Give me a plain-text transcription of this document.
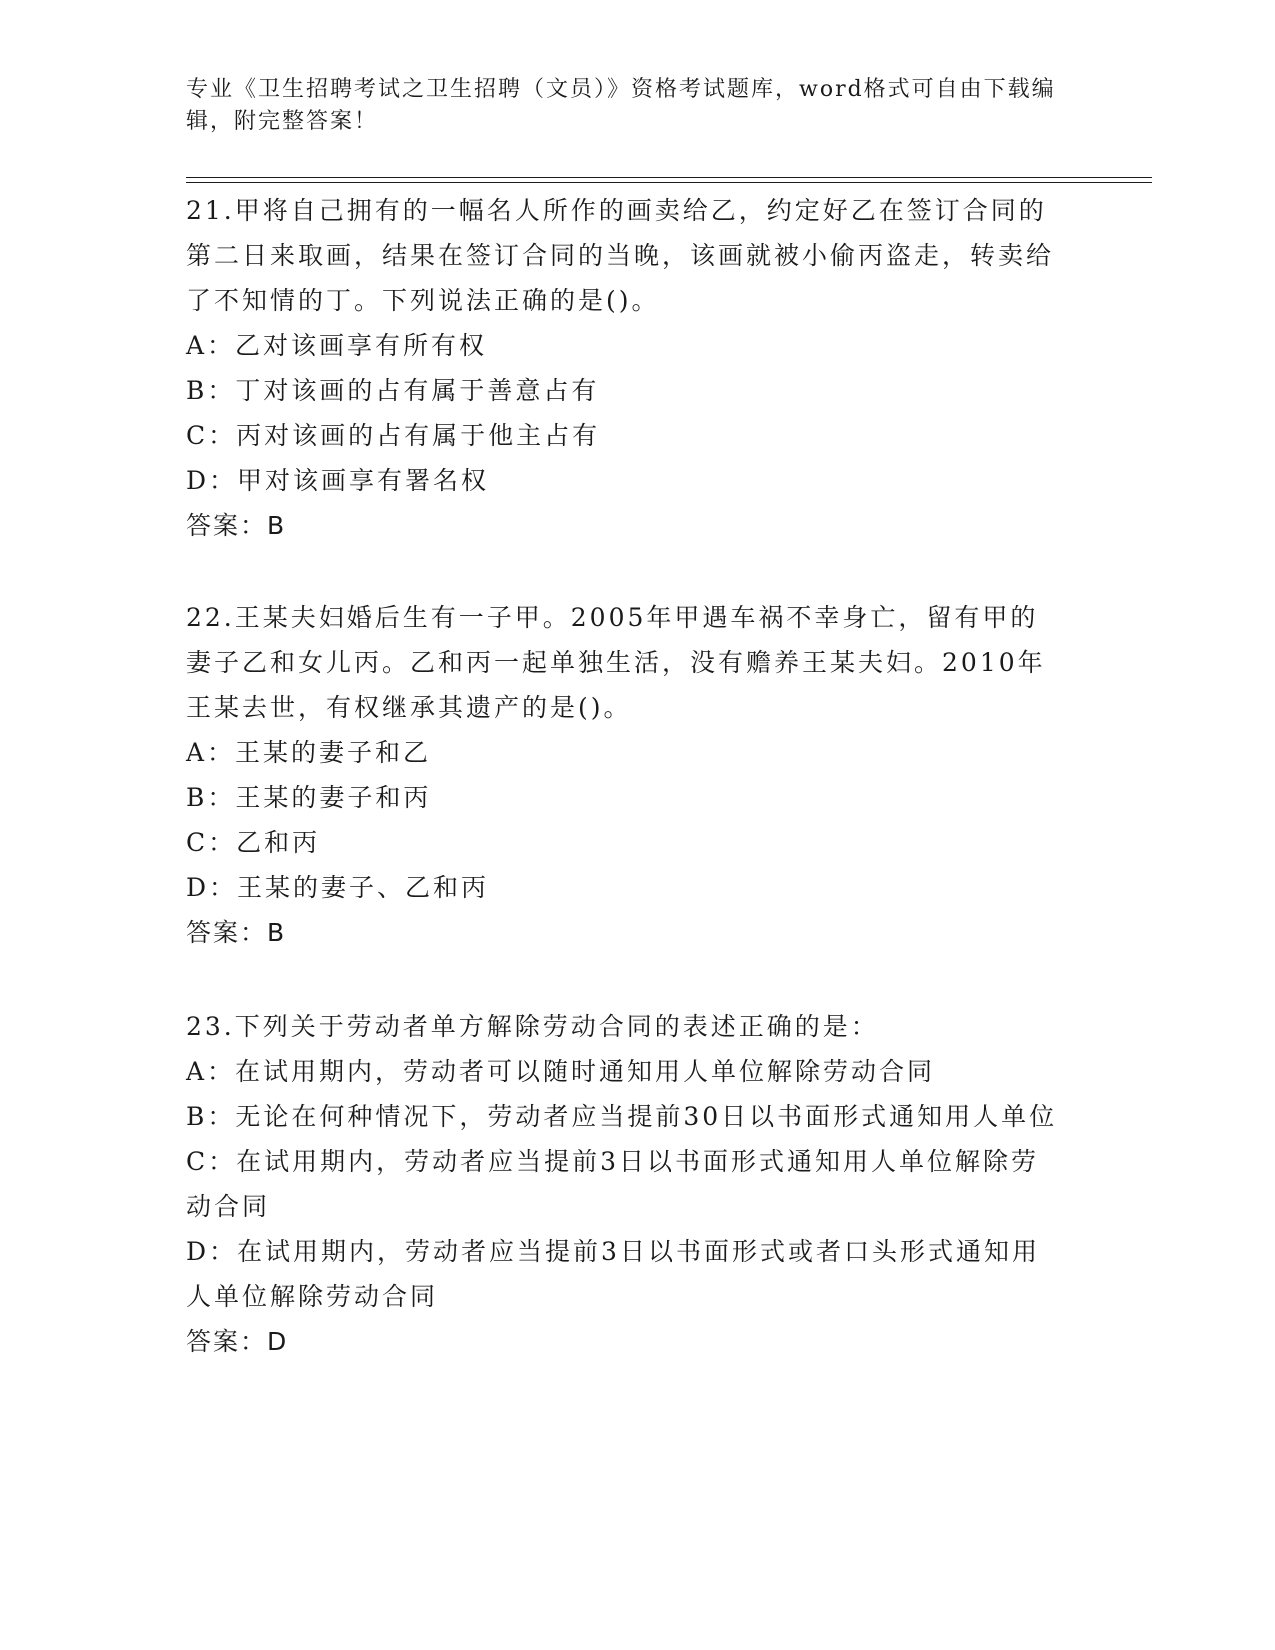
专业《卫生招聘考试之卫生招聘（文员）》资格考试题库，word格式可自由下载编辑，附完整答案！

21.甲将自己拥有的一幅名人所作的画卖给乙，约定好乙在签订合同的第二日来取画，结果在签订合同的当晚，该画就被小偷丙盗走，转卖给了不知情的丁。下列说法正确的是()。

A：乙对该画享有所有权

B：丁对该画的占有属于善意占有

C：丙对该画的占有属于他主占有

D：甲对该画享有署名权

答案：B

22.王某夫妇婚后生有一子甲。2005年甲遇车祸不幸身亡，留有甲的妻子乙和女儿丙。乙和丙一起单独生活，没有赡养王某夫妇。2010年王某去世，有权继承其遗产的是()。

A：王某的妻子和乙

B：王某的妻子和丙

C：乙和丙

D：王某的妻子、乙和丙

答案：B

23.下列关于劳动者单方解除劳动合同的表述正确的是：

A：在试用期内，劳动者可以随时通知用人单位解除劳动合同

B：无论在何种情况下，劳动者应当提前30日以书面形式通知用人单位

C：在试用期内，劳动者应当提前3日以书面形式通知用人单位解除劳动合同

D：在试用期内，劳动者应当提前3日以书面形式或者口头形式通知用人单位解除劳动合同

答案：D
